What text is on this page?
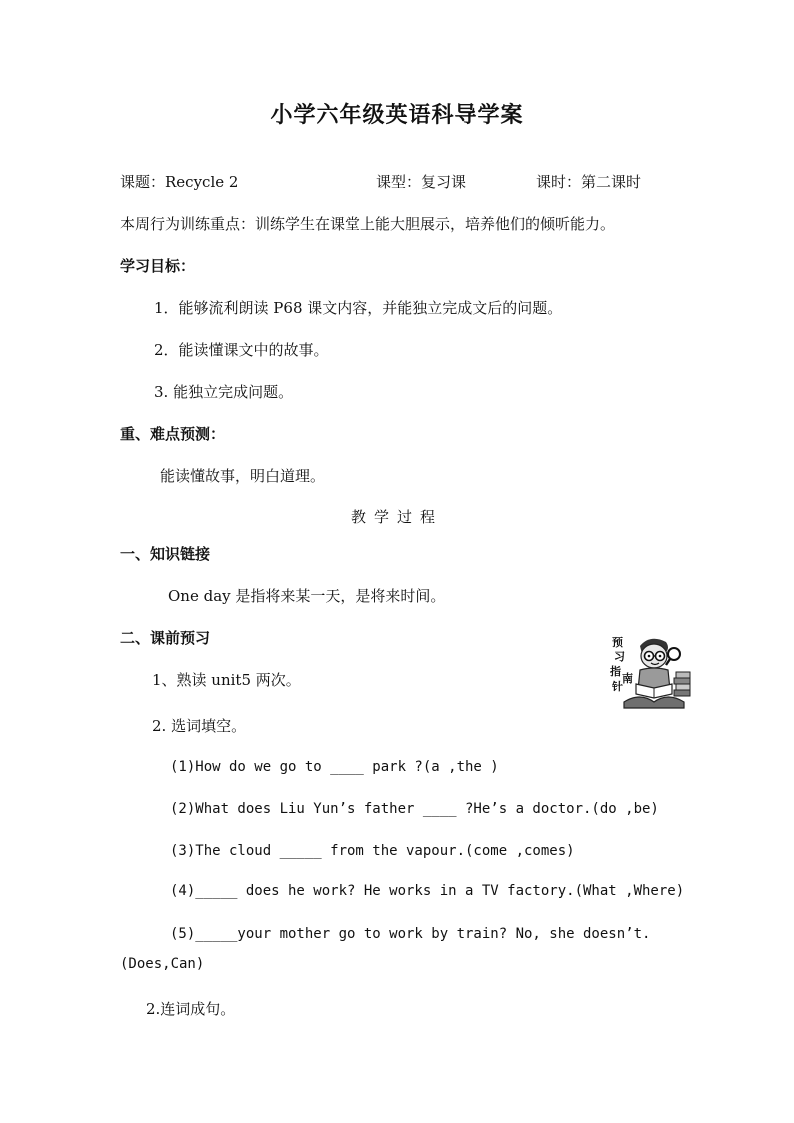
小学六年级英语科导学案
课题：Recycle 2	课型：复习课	课时：第二课时
本周行为训练重点：训练学生在课堂上能大胆展示，培养他们的倾听能力。
学习目标：
1．能够流利朗读 P68 课文内容，并能独立完成文后的问题。
2．能读懂课文中的故事。
3. 能独立完成问题。
重、难点预测：
能读懂故事，明白道理。
教学过程
一、知识链接
One day 是指将来某一天，是将来时间。
二、课前预习
1、熟读 unit5 两次。
2. 选词填空。
(1)How do we go to ____ park ?(a ,the )
(2)What does Liu Yun’s father ____ ?He’s a doctor.(do ,be)
(3)The cloud _____ from the vapour.(come ,comes)
(4)_____ does he work? He works in a TV factory.(What ,Where)
(5)_____your mother go to work by train? No, she doesn’t.
(Does,Can)
2.连词成句。
预
习
指
南
针
